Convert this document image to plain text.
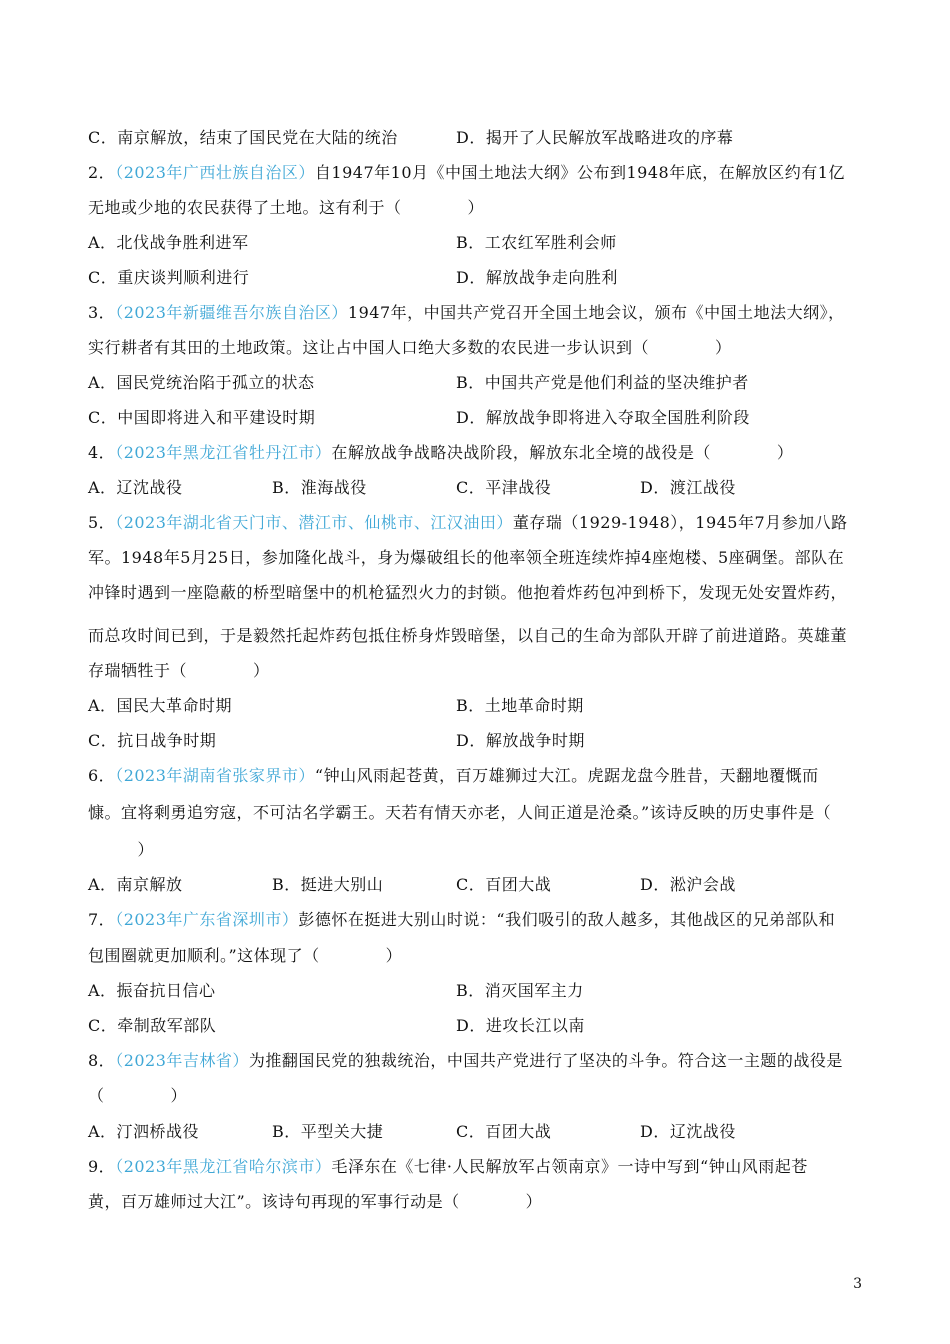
C．南京解放，结束了国民党在大陆的统治	D．揭开了人民解放军战略进攻的序幕
2．（2023年广西壮族自治区）自1947年10月《中国土地法大纲》公布到1948年底，在解放区约有1亿
无地或少地的农民获得了土地。这有利于（　　　　）
A．北伐战争胜利进军	B．工农红军胜利会师
C．重庆谈判顺利进行	D．解放战争走向胜利
3．（2023年新疆维吾尔族自治区）1947年，中国共产党召开全国土地会议，颁布《中国土地法大纲》，
实行耕者有其田的土地政策。这让占中国人口绝大多数的农民进一步认识到（　　　　）
A．国民党统治陷于孤立的状态	B．中国共产党是他们利益的坚决维护者
C．中国即将进入和平建设时期	D．解放战争即将进入夺取全国胜利阶段
4．（2023年黑龙江省牡丹江市）在解放战争战略决战阶段，解放东北全境的战役是（　　　　）
A．辽沈战役	B．淮海战役	C．平津战役	D．渡江战役
5．（2023年湖北省天门市、潜江市、仙桃市、江汉油田）董存瑞（1929-1948），1945年7月参加八路
军。1948年5月25日，参加隆化战斗，身为爆破组长的他率领全班连续炸掉4座炮楼、5座碉堡。部队在
冲锋时遇到一座隐蔽的桥型暗堡中的机枪猛烈火力的封锁。他抱着炸药包冲到桥下，发现无处安置炸药，
而总攻时间已到，于是毅然托起炸药包抵住桥身炸毁暗堡，以自己的生命为部队开辟了前进道路。英雄董
存瑞牺牲于（　　　　）
A．国民大革命时期	B．土地革命时期
C．抗日战争时期	D．解放战争时期
6．（2023年湖南省张家界市）“钟山风雨起苍黄，百万雄狮过大江。虎踞龙盘今胜昔，天翻地覆慨而
慷。宜将剩勇追穷寇，不可沽名学霸王。天若有情天亦老，人间正道是沧桑。”该诗反映的历史事件是（
　　　）
A．南京解放	B．挺进大别山	C．百团大战	D．淞沪会战
7．（2023年广东省深圳市）彭德怀在挺进大别山时说：“我们吸引的敌人越多，其他战区的兄弟部队和
包围圈就更加顺利。”这体现了（　　　　）
A．振奋抗日信心	B．消灭国军主力
C．牵制敌军部队	D．进攻长江以南
8．（2023年吉林省）为推翻国民党的独裁统治，中国共产党进行了坚决的斗争。符合这一主题的战役是
（　　　　）
A．汀泗桥战役	B．平型关大捷	C．百团大战	D．辽沈战役
9．（2023年黑龙江省哈尔滨市）毛泽东在《七律·人民解放军占领南京》一诗中写到“钟山风雨起苍
黄，百万雄师过大江”。该诗句再现的军事行动是（　　　　）
3
